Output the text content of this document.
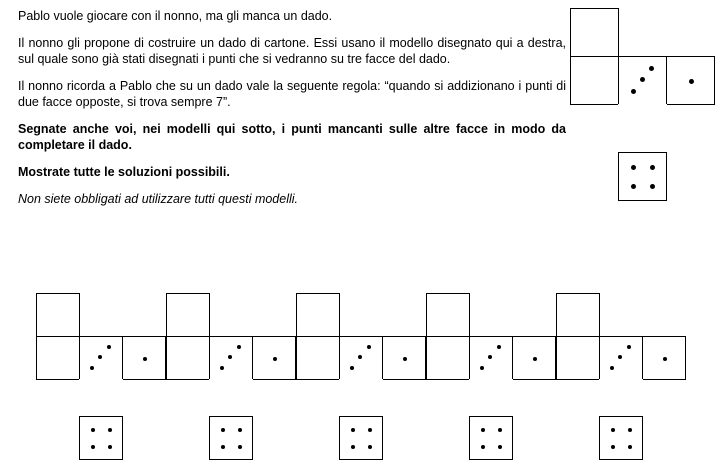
Pablo vuole giocare con il nonno, ma gli manca un dado.

Il nonno gli propone di costruire un dado di cartone. Essi usano il modello disegnato qui a destra, sul quale sono già stati disegnati i punti che si vedranno su tre facce del dado.

Il nonno ricorda a Pablo che su un dado vale la seguente regola: “quando si addizionano i punti di due facce opposte, si trova sempre 7”.

Segnate anche voi, nei modelli qui sotto, i punti mancanti sulle altre facce in modo da completare il dado.

Mostrate tutte le soluzioni possibili.

Non siete obbligati ad utilizzare tutti questi modelli.
